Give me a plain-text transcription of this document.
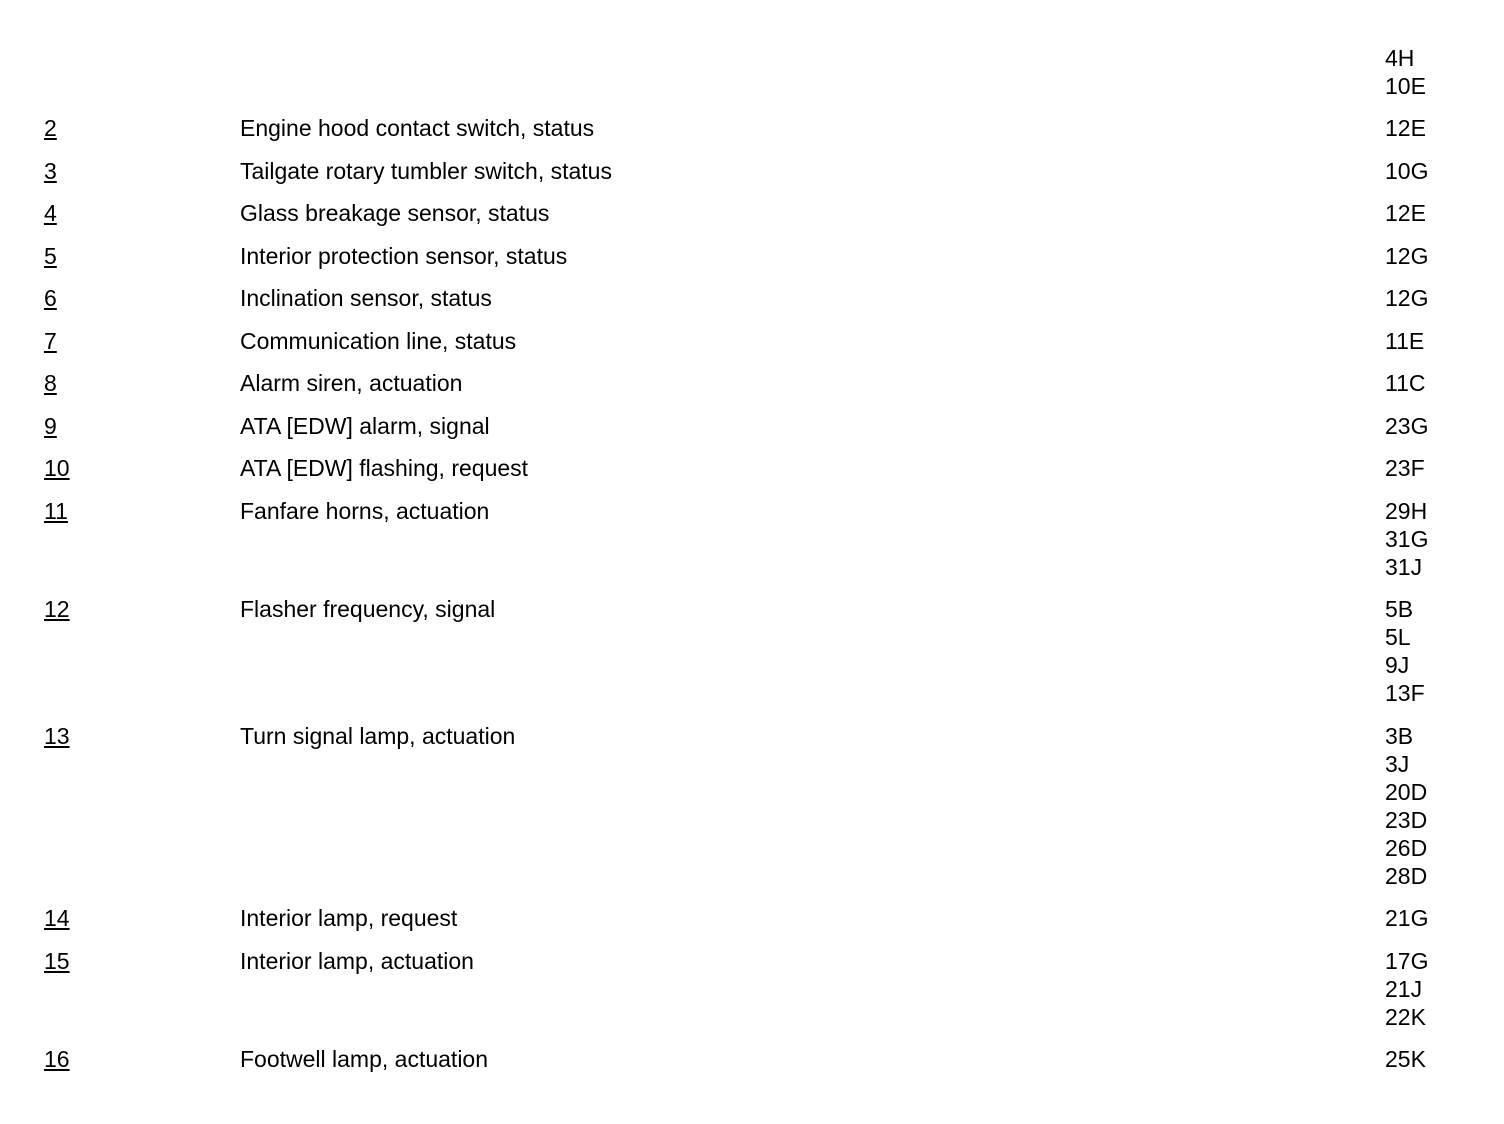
4H
10E
2	Engine hood contact switch, status	12E
3	Tailgate rotary tumbler switch, status	10G
4	Glass breakage sensor, status	12E
5	Interior protection sensor, status	12G
6	Inclination sensor, status	12G
7	Communication line, status	11E
8	Alarm siren, actuation	11C
9	ATA [EDW] alarm, signal	23G
10	ATA [EDW] flashing, request	23F
11	Fanfare horns, actuation	29H
31G
31J
12	Flasher frequency, signal	5B
5L
9J
13F
13	Turn signal lamp, actuation	3B
3J
20D
23D
26D
28D
14	Interior lamp, request	21G
15	Interior lamp, actuation	17G
21J
22K
16	Footwell lamp, actuation	25K
